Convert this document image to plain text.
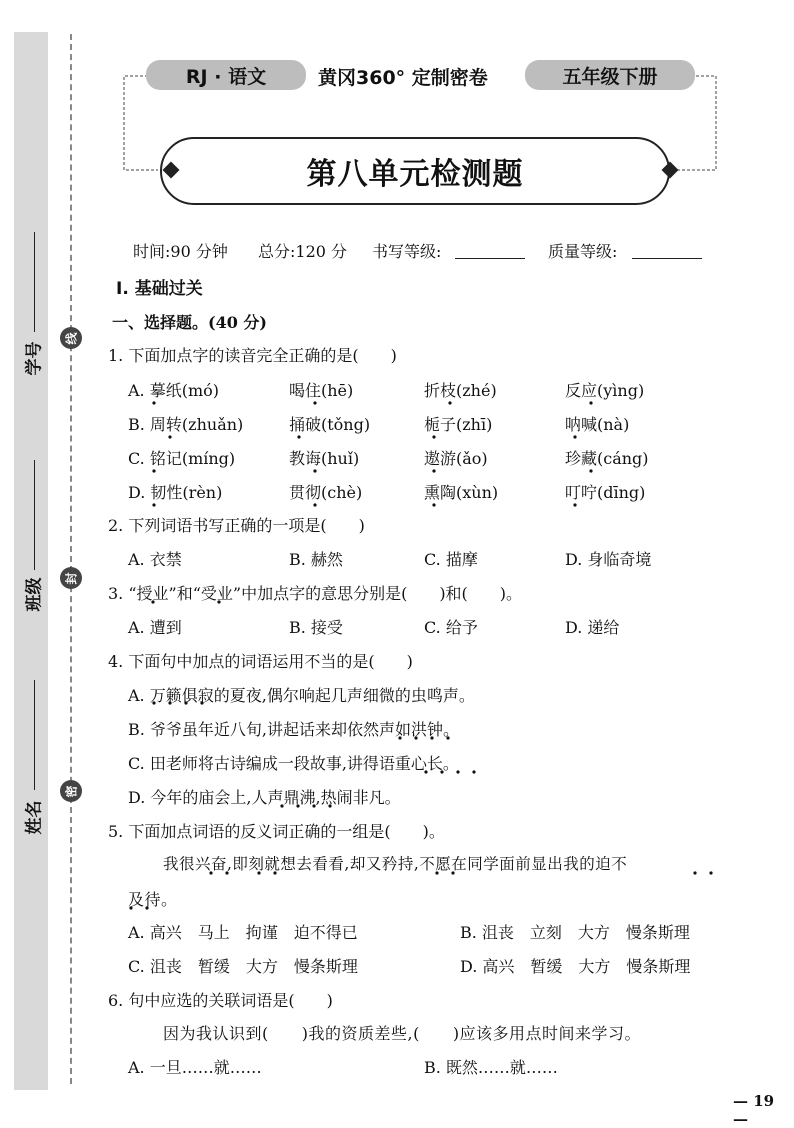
学号
班级
姓名
线
封
密
RJ · 语文	黄冈360° 定制密卷	五年级下册
第八单元检测题
时间:90 分钟 总分:120 分 书写等级:	质量等级:
Ⅰ. 基础过关
一、选择题。(40 分)
1. 下面加点字的读音完全正确的是(　　)
A. 摹纸(mó)	喝住(hē)	折枝(zhé)	反应(yìng)
B. 周转(zhuǎn)	捅破(tǒng)	栀子(zhī)	呐喊(nà)
C. 铭记(míng)	教诲(huǐ)	遨游(ǎo)	珍藏(cáng)
D. 韧性(rèn)	贯彻(chè)	熏陶(xùn)	叮咛(dīng)
2. 下列词语书写正确的一项是(　　)
A. 衣禁	B. 赫然	C. 描摩	D. 身临奇境
3. “授业”和“受业”中加点字的意思分别是(　　)和(　　)。
A. 遭到	B. 接受	C. 给予	D. 递给
4. 下面句中加点的词语运用不当的是(　　)
A. 万籁俱寂的夏夜,偶尔响起几声细微的虫鸣声。
B. 爷爷虽年近八旬,讲起话来却依然声如洪钟。
C. 田老师将古诗编成一段故事,讲得语重心长。
D. 今年的庙会上,人声鼎沸,热闹非凡。
5. 下面加点词语的反义词正确的一组是(　　)。
我很兴奋,即刻就想去看看,却又矜持,不愿在同学面前显出我的迫不
及待。
A. 高兴　马上　拘谨　迫不得已	B. 沮丧　立刻　大方　慢条斯理
C. 沮丧　暂缓　大方　慢条斯理	D. 高兴　暂缓　大方　慢条斯理
6. 句中应选的关联词语是(　　)
因为我认识到(　　)我的资质差些,(　　)应该多用点时间来学习。
A. 一旦……就……	B. 既然……就……
— 19 —
